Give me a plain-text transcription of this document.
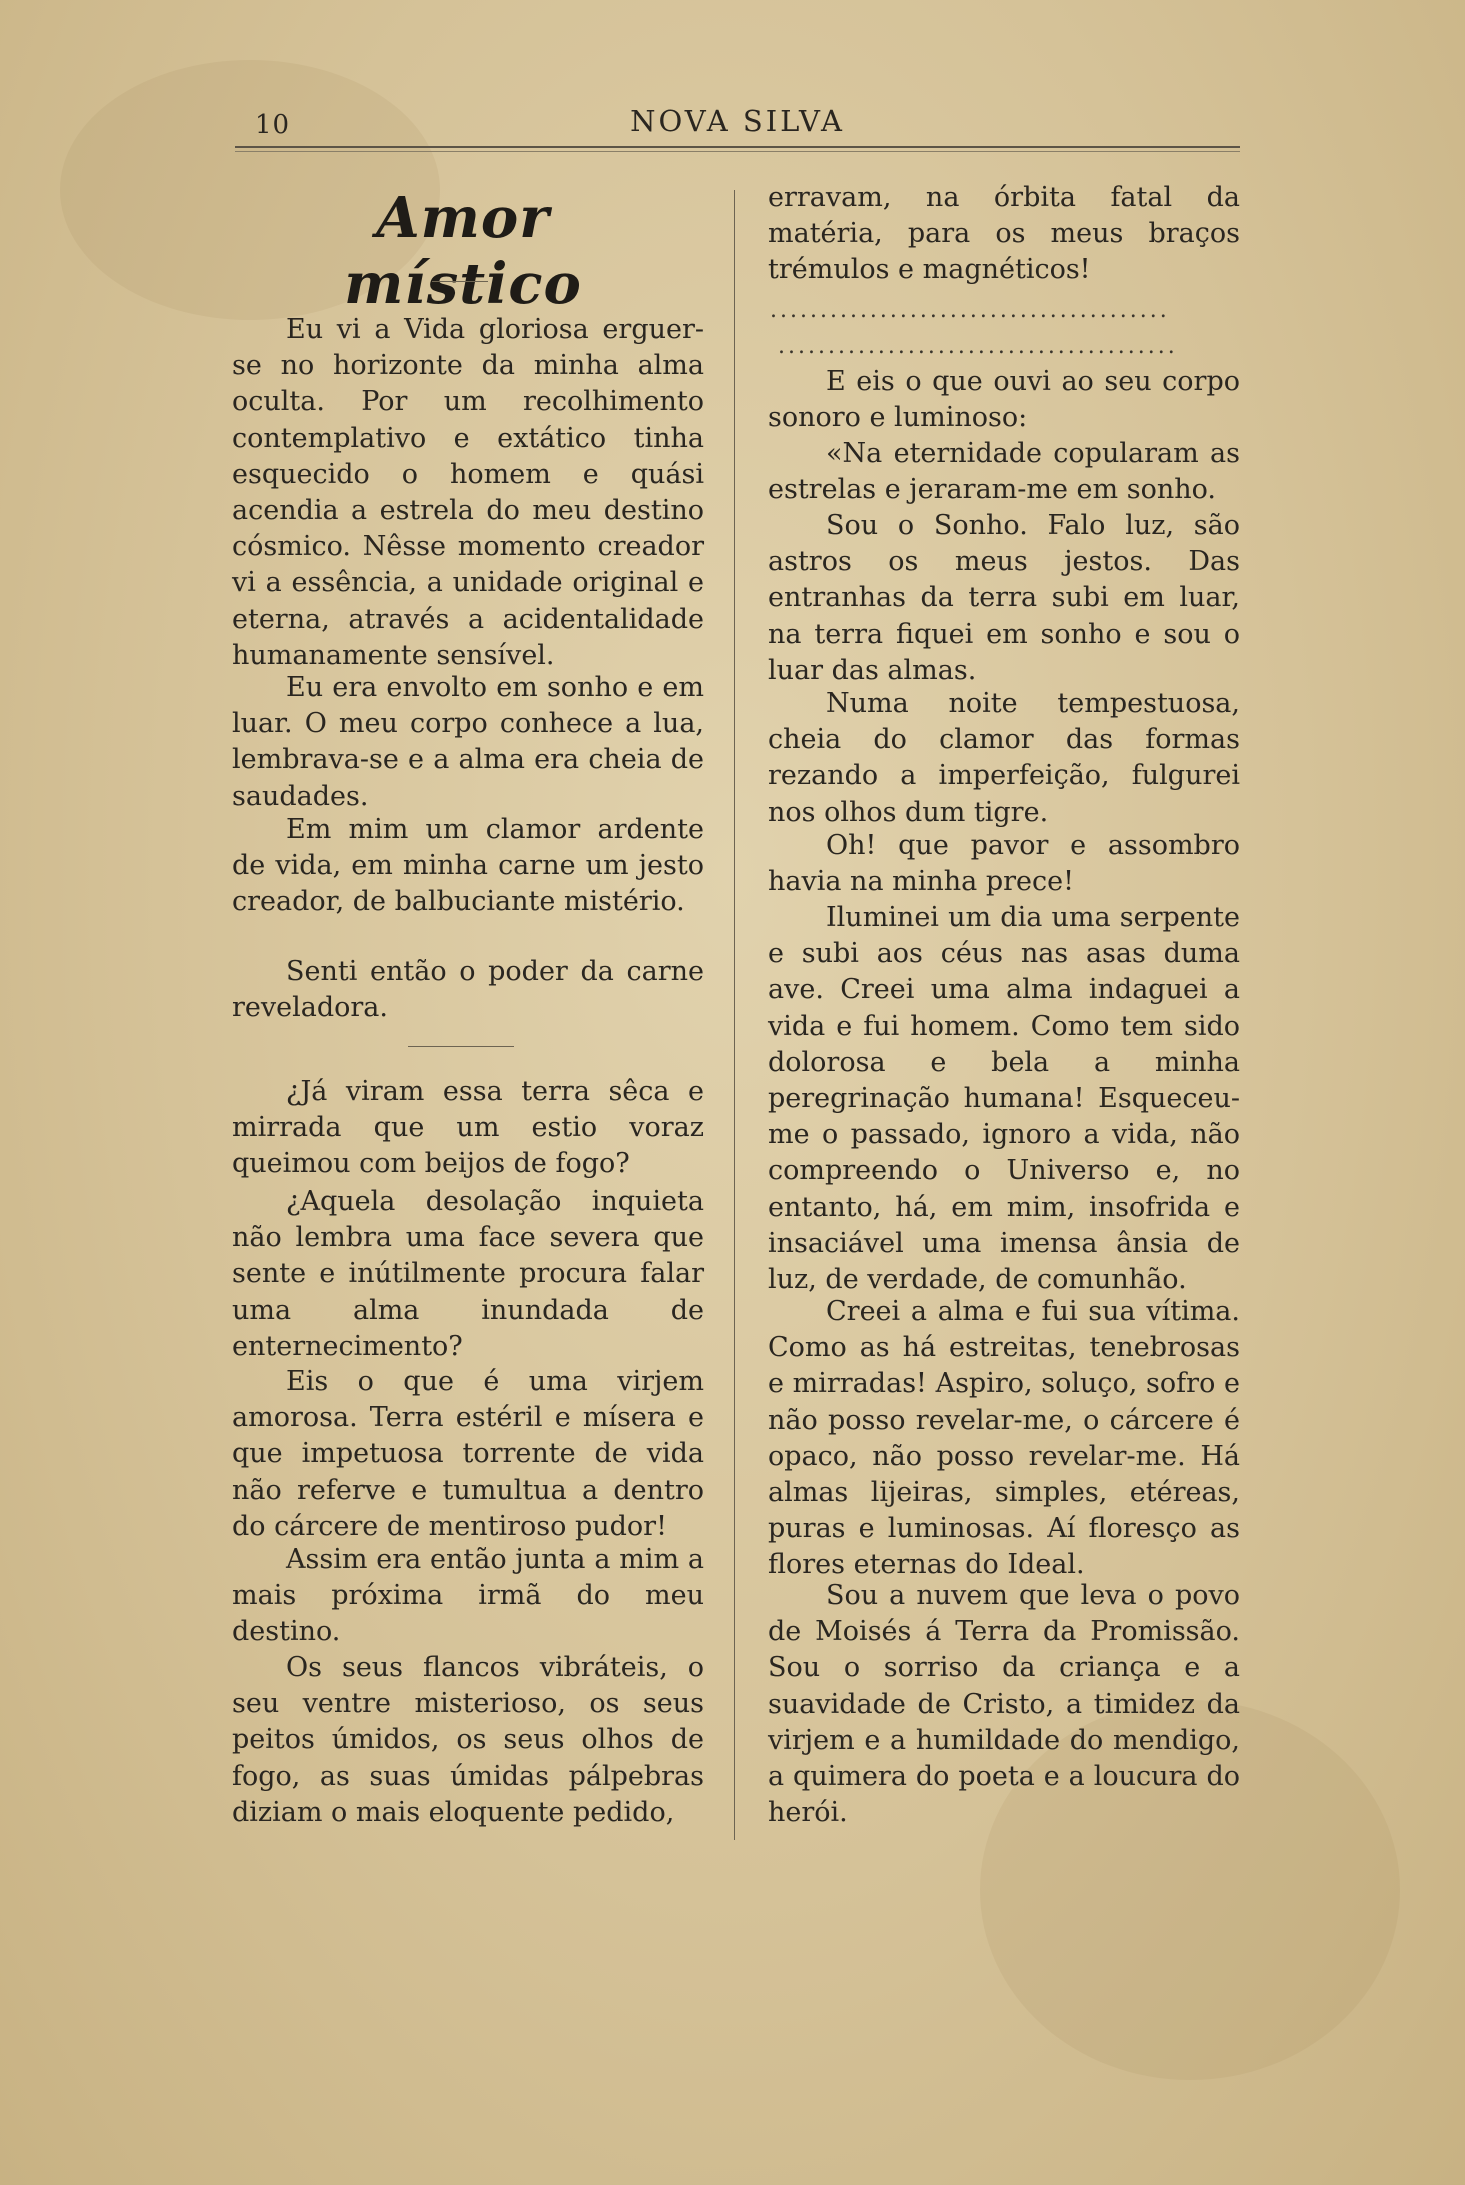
10	NOVA SILVA
Amor místico
Eu vi a Vida gloriosa erguer-se no horizonte da minha alma oculta. Por um recolhimento contemplativo e extático tinha esquecido o homem e quási acendia a estrela do meu destino cósmico. Nêsse momento creador vi a essência, a unidade original e eterna, através a acidentalidade humanamente sensível.
Eu era envolto em sonho e em luar. O meu corpo conhece a lua, lembrava-se e a alma era cheia de saudades.
Em mim um clamor ardente de vida, em minha carne um jesto creador, de balbuciante mistério.
Senti então o poder da carne reveladora.
¿Já viram essa terra sêca e mirrada que um estio voraz queimou com beijos de fogo?
¿Aquela desolação inquieta não lembra uma face severa que sente e inútilmente procura falar uma alma inundada de enternecimento?
Eis o que é uma virjem amorosa. Terra estéril e mísera e que impetuosa torrente de vida não referve e tumultua a dentro do cárcere de mentiroso pudor!
Assim era então junta a mim a mais próxima irmã do meu destino.
Os seus flancos vibráteis, o seu ventre misterioso, os seus peitos úmidos, os seus olhos de fogo, as suas úmidas pálpebras diziam o mais eloquente pedido,
erravam, na órbita fatal da matéria, para os meus braços trémulos e magnéticos!
........................................
........................................
E eis o que ouvi ao seu corpo sonoro e luminoso:
«Na eternidade copularam as estrelas e jeraram-me em sonho.
Sou o Sonho. Falo luz, são astros os meus jestos. Das entranhas da terra subi em luar, na terra fiquei em sonho e sou o luar das almas.
Numa noite tempestuosa, cheia do clamor das formas rezando a imperfeição, fulgurei nos olhos dum tigre.
Oh! que pavor e assombro havia na minha prece!
Iluminei um dia uma serpente e subi aos céus nas asas duma ave. Creei uma alma indaguei a vida e fui homem. Como tem sido dolorosa e bela a minha peregrinação humana! Esqueceu-me o passado, ignoro a vida, não compreendo o Universo e, no entanto, há, em mim, insofrida e insaciável uma imensa ânsia de luz, de verdade, de comunhão.
Creei a alma e fui sua vítima. Como as há estreitas, tenebrosas e mirradas! Aspiro, soluço, sofro e não posso revelar-me, o cárcere é opaco, não posso revelar-me. Há almas lijeiras, simples, etéreas, puras e luminosas. Aí floresço as flores eternas do Ideal.
Sou a nuvem que leva o povo de Moisés á Terra da Promissão. Sou o sorriso da criança e a suavidade de Cristo, a timidez da virjem e a humildade do mendigo, a quimera do poeta e a loucura do herói.
